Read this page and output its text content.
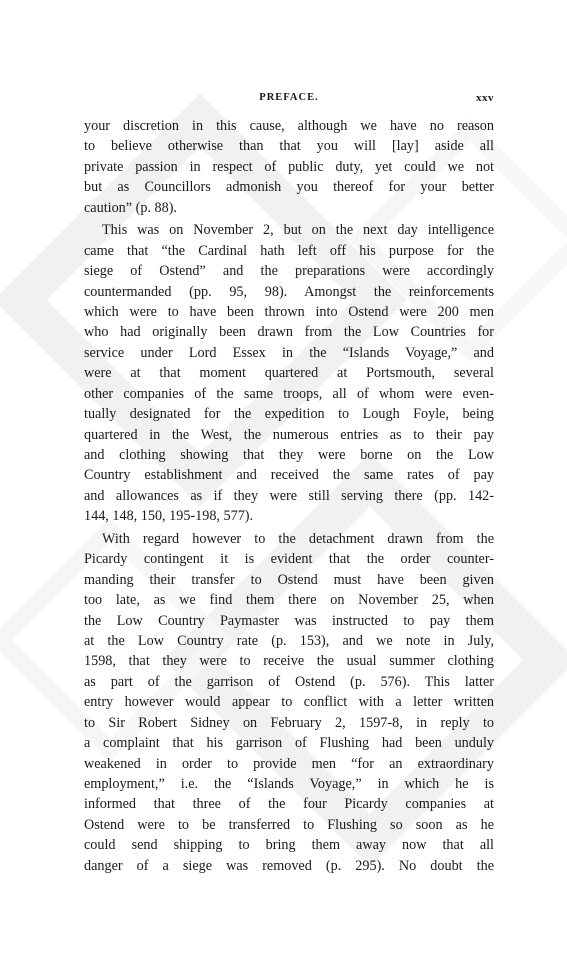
PREFACE.	xxv
your discretion in this cause, although we have no reason
to believe otherwise than that you will [lay] aside all
private passion in respect of public duty, yet could we not
but as Councillors admonish you thereof for your better
caution” (p. 88).
This was on November 2, but on the next day intelligence
came that “the Cardinal hath left off his purpose for the
siege of Ostend” and the preparations were accordingly
countermanded (pp. 95, 98). Amongst the reinforcements
which were to have been thrown into Ostend were 200 men
who had originally been drawn from the Low Countries for
service under Lord Essex in the “Islands Voyage,” and
were at that moment quartered at Portsmouth, several
other companies of the same troops, all of whom were even-
tually designated for the expedition to Lough Foyle, being
quartered in the West, the numerous entries as to their pay
and clothing showing that they were borne on the Low
Country establishment and received the same rates of pay
and allowances as if they were still serving there (pp. 142-
144, 148, 150, 195-198, 577).
With regard however to the detachment drawn from the
Picardy contingent it is evident that the order counter-
manding their transfer to Ostend must have been given
too late, as we find them there on November 25, when
the Low Country Paymaster was instructed to pay them
at the Low Country rate (p. 153), and we note in July,
1598, that they were to receive the usual summer clothing
as part of the garrison of Ostend (p. 576). This latter
entry however would appear to conflict with a letter written
to Sir Robert Sidney on February 2, 1597-8, in reply to
a complaint that his garrison of Flushing had been unduly
weakened in order to provide men “for an extraordinary
employment,” i.e. the “Islands Voyage,” in which he is
informed that three of the four Picardy companies at
Ostend were to be transferred to Flushing so soon as he
could send shipping to bring them away now that all
danger of a siege was removed (p. 295). No doubt the
